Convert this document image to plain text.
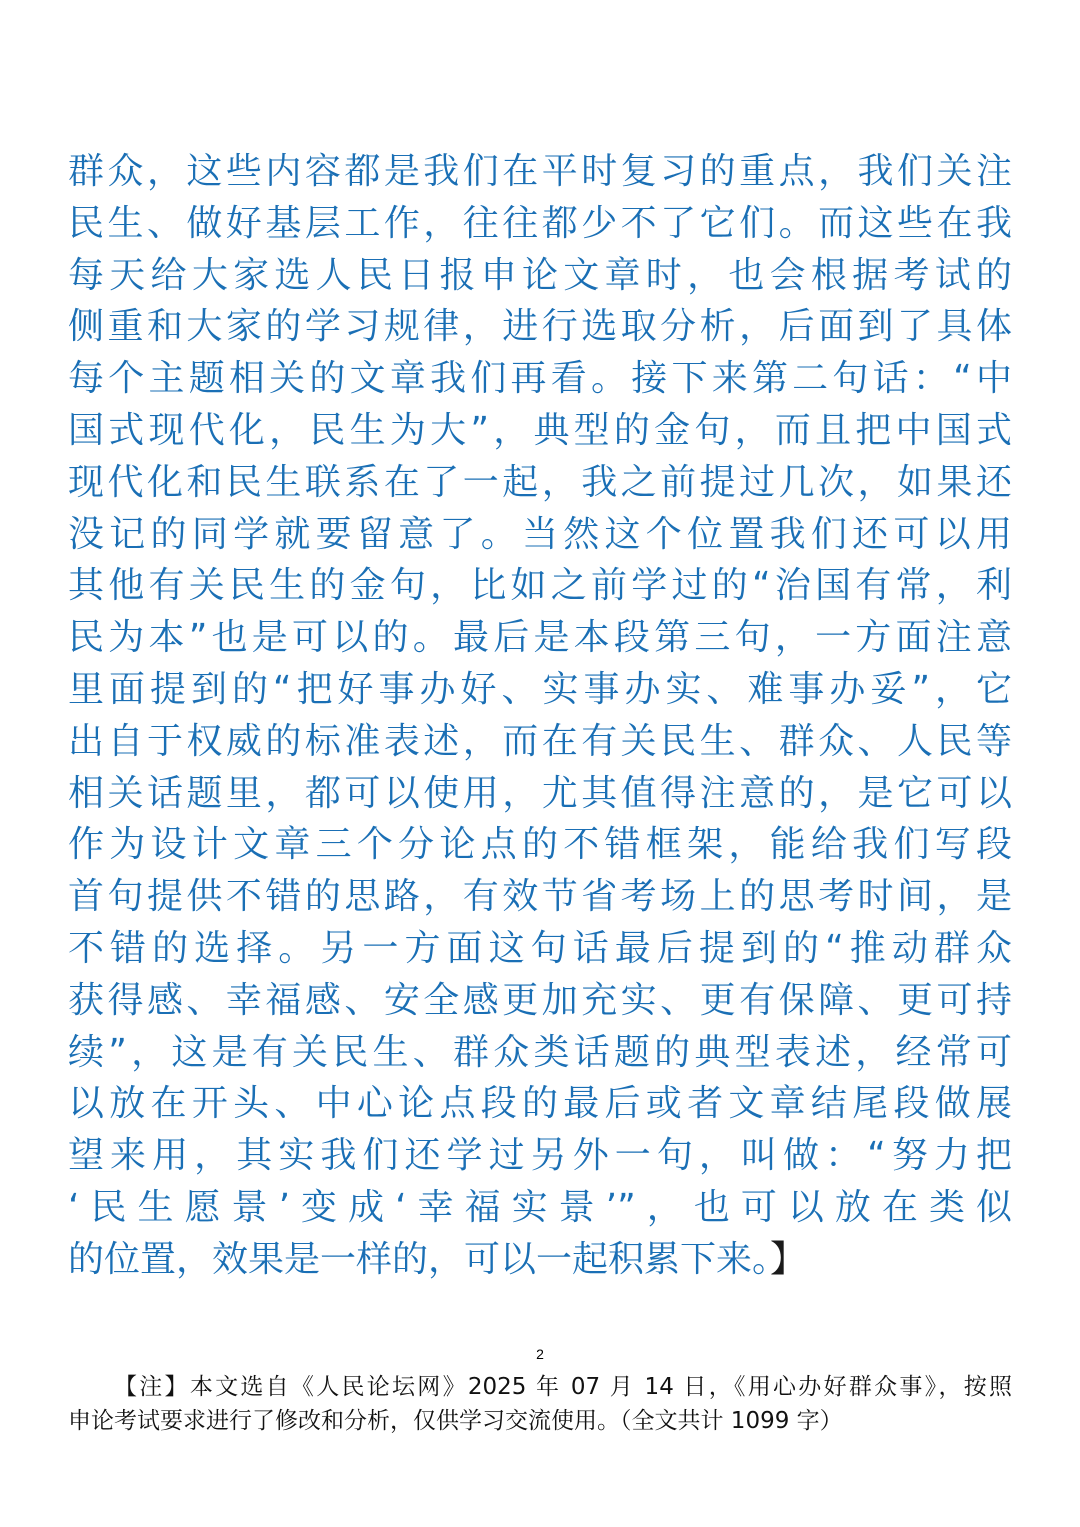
群众，这些内容都是我们在平时复习的重点，我们关注
民生、做好基层工作，往往都少不了它们。而这些在我
每天给大家选人民日报申论文章时，也会根据考试的
侧重和大家的学习规律，进行选取分析，后面到了具体
每个主题相关的文章我们再看。接下来第二句话：“中
国式现代化，民生为大”，典型的金句，而且把中国式
现代化和民生联系在了一起，我之前提过几次，如果还
没记的同学就要留意了。当然这个位置我们还可以用
其他有关民生的金句，比如之前学过的“治国有常，利
民为本”也是可以的。最后是本段第三句，一方面注意
里面提到的“把好事办好、实事办实、难事办妥”，它
出自于权威的标准表述，而在有关民生、群众、人民等
相关话题里，都可以使用，尤其值得注意的，是它可以
作为设计文章三个分论点的不错框架，能给我们写段
首句提供不错的思路，有效节省考场上的思考时间，是
不错的选择。另一方面这句话最后提到的“推动群众
获得感、幸福感、安全感更加充实、更有保障、更可持
续”，这是有关民生、群众类话题的典型表述，经常可
以放在开头、中心论点段的最后或者文章结尾段做展
望来用，其实我们还学过另外一句，叫做：“努力把
‘民生愿景’变成‘幸福实景’”，也可以放在类似
的位置，效果是一样的，可以一起积累下来。】
2
【注】本文选自《人民论坛网》2025 年 07 月 14 日，《用心办好群众事》，按照
申论考试要求进行了修改和分析，仅供学习交流使用。（全文共计 1099 字）
